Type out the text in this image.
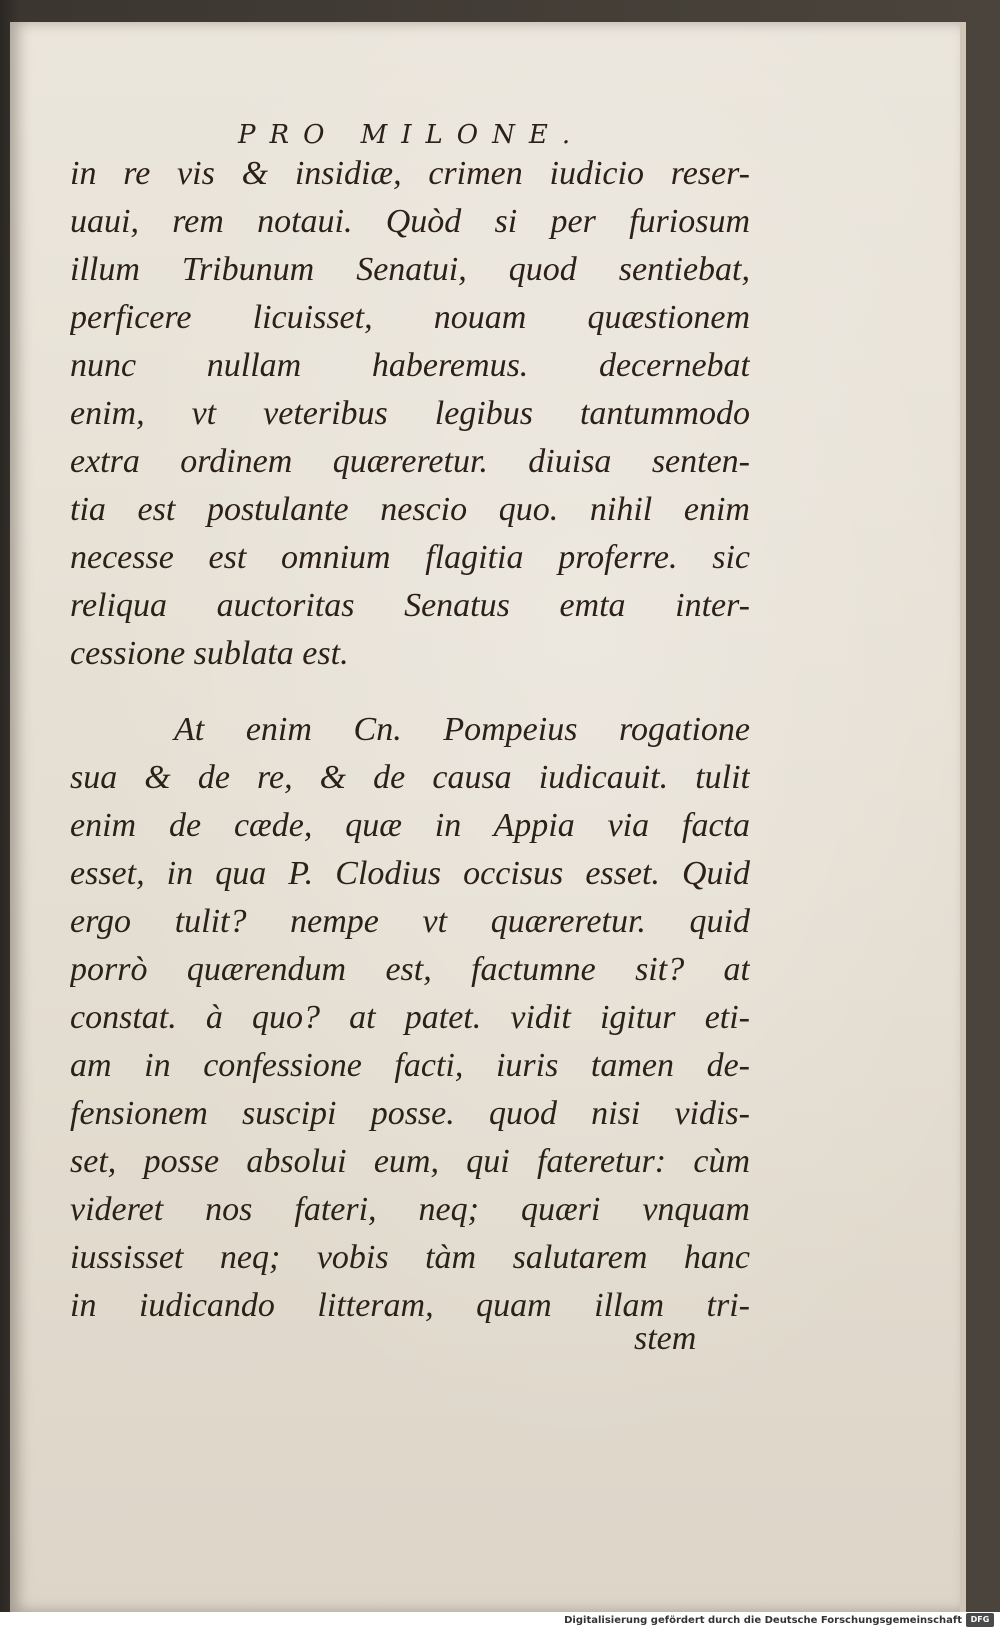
PRO MILONE.
in re vis & insidiæ, crimen iudicio reser-
uaui, rem notaui. Quòd si per furiosum
illum Tribunum Senatui, quod sentiebat,
perficere licuisset, nouam quæstionem
nunc nullam haberemus. decernebat
enim, vt veteribus legibus tantummodo
extra ordinem quæreretur. diuisa senten-
tia est postulante nescio quo. nihil enim
necesse est omnium flagitia proferre. sic
reliqua auctoritas Senatus emta inter-
cessione sublata est.
At enim Cn. Pompeius rogatione
sua & de re, & de causa iudicauit. tulit
enim de cæde, quæ in Appia via facta
esset, in qua P. Clodius occisus esset. Quid
ergo tulit? nempe vt quæreretur. quid
porrò quærendum est, factumne sit? at
constat. à quo? at patet. vidit igitur eti-
am in confessione facti, iuris tamen de-
fensionem suscipi posse. quod nisi vidis-
set, posse absolui eum, qui fateretur: cùm
videret nos fateri, neq; quæri vnquam
iussisset neq; vobis tàm salutarem hanc
in iudicando litteram, quam illam tri-
stem
Digitalisierung gefördert durch die Deutsche Forschungsgemeinschaft	DFG
